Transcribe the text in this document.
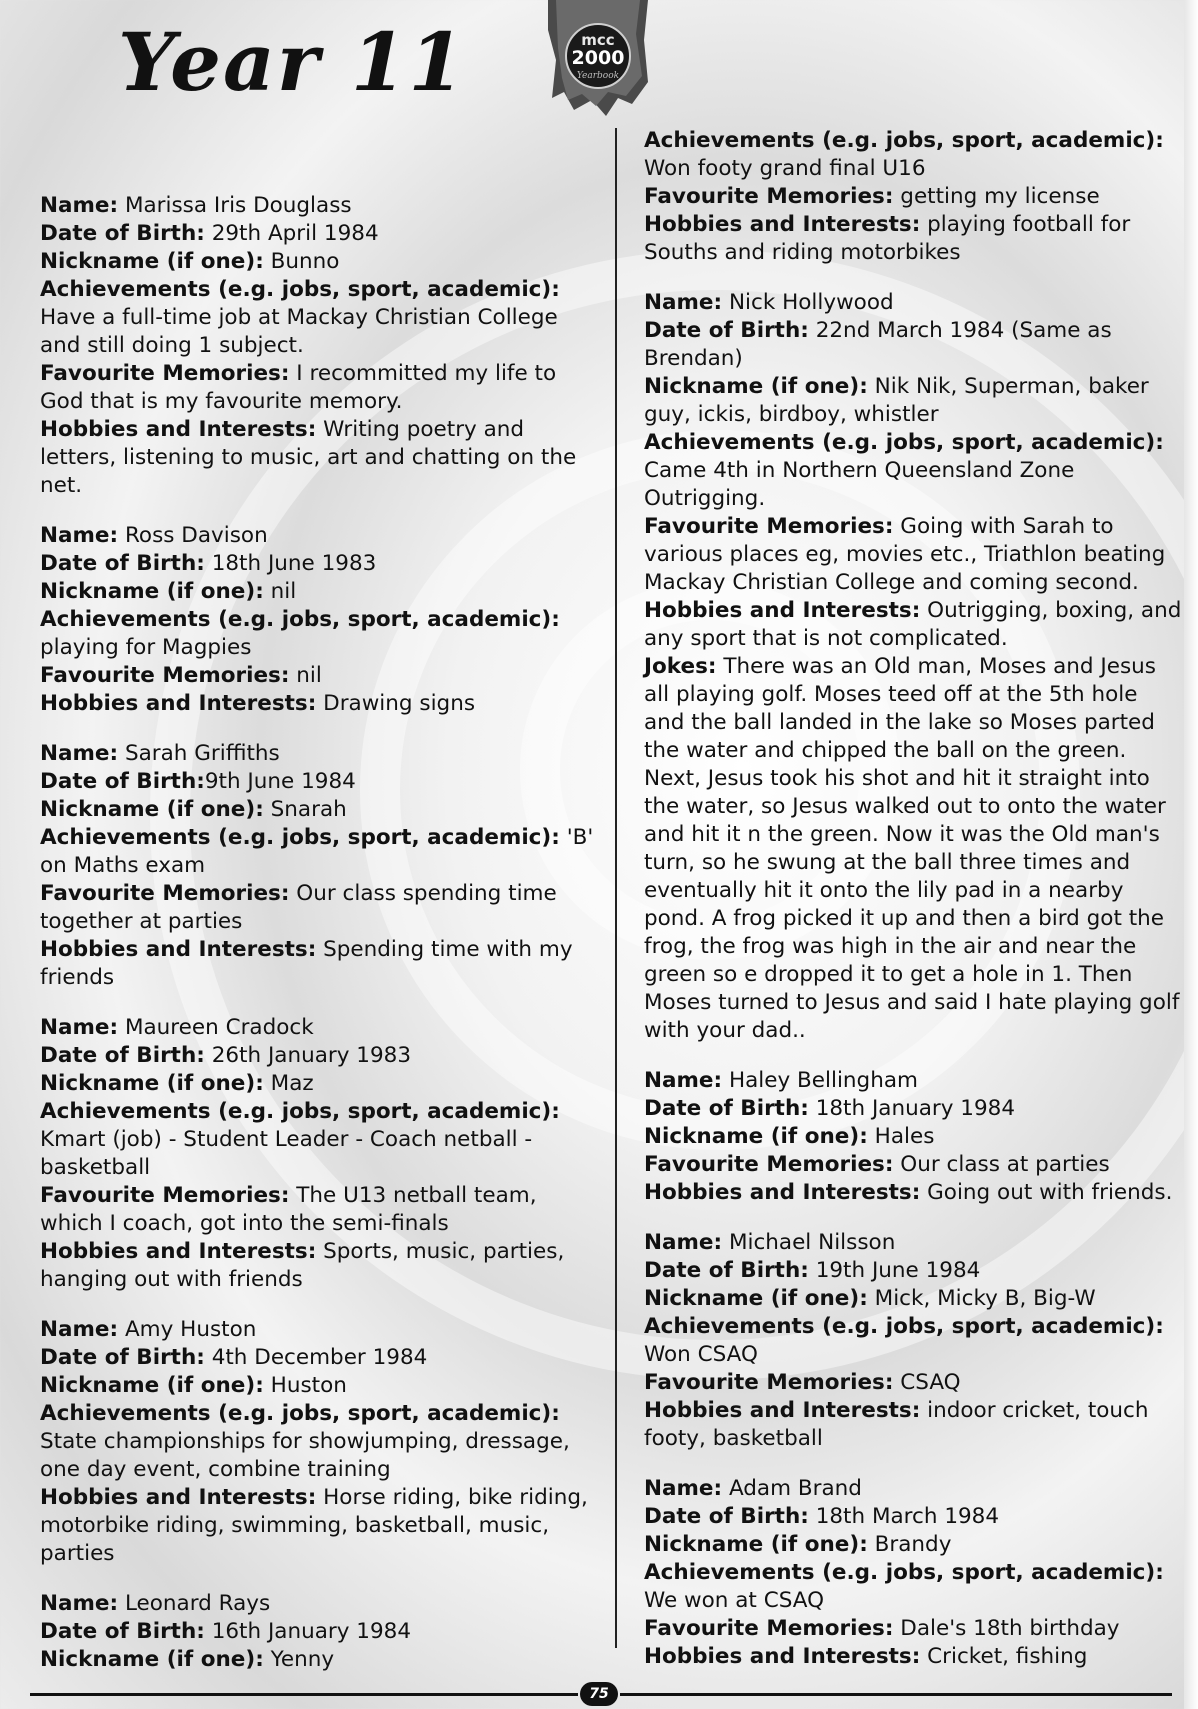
Year 11	mcc
2000
Yearbook

Name: Marissa Iris Douglass

Date of Birth: 29th April 1984

Nickname (if one): Bunno

Achievements (e.g. jobs, sport, academic): Have a full-time job at Mackay Christian College and still doing 1 subject.

Favourite Memories: I recommitted my life to God that is my favourite memory.

Hobbies and Interests: Writing poetry and letters, listening to music, art and chatting on the net.

Name: Ross Davison

Date of Birth: 18th June 1983

Nickname (if one): nil

Achievements (e.g. jobs, sport, academic): playing for Magpies

Favourite Memories: nil

Hobbies and Interests: Drawing signs

Name: Sarah Griffiths

Date of Birth:9th June 1984

Nickname (if one): Snarah

Achievements (e.g. jobs, sport, academic): 'B' on Maths exam

Favourite Memories: Our class spending time together at parties

Hobbies and Interests: Spending time with my friends

Name: Maureen Cradock

Date of Birth: 26th January 1983

Nickname (if one): Maz

Achievements (e.g. jobs, sport, academic): Kmart (job) - Student Leader - Coach netball - basketball

Favourite Memories: The U13 netball team, which I coach, got into the semi-finals

Hobbies and Interests: Sports, music, parties, hanging out with friends

Name: Amy Huston

Date of Birth: 4th December 1984

Nickname (if one): Huston

Achievements (e.g. jobs, sport, academic): State championships for showjumping, dressage, one day event, combine training

Hobbies and Interests: Horse riding, bike riding, motorbike riding, swimming, basketball, music, parties

Name: Leonard Rays

Date of Birth: 16th January 1984

Nickname (if one): Yenny

Achievements (e.g. jobs, sport, academic): Won footy grand final U16

Favourite Memories: getting my license

Hobbies and Interests: playing football for Souths and riding motorbikes

Name: Nick Hollywood

Date of Birth: 22nd March 1984 (Same as Brendan)

Nickname (if one): Nik Nik, Superman, baker guy, ickis, birdboy, whistler

Achievements (e.g. jobs, sport, academic): Came 4th in Northern Queensland Zone Outrigging.

Favourite Memories: Going with Sarah to various places eg, movies etc., Triathlon beating Mackay Christian College and coming second.

Hobbies and Interests: Outrigging, boxing, and any sport that is not complicated.

Jokes: There was an Old man, Moses and Jesus all playing golf. Moses teed off at the 5th hole and the ball landed in the lake so Moses parted the water and chipped the ball on the green. Next, Jesus took his shot and hit it straight into the water, so Jesus walked out to onto the water and hit it n the green. Now it was the Old man's turn, so he swung at the ball three times and eventually hit it onto the lily pad in a nearby pond. A frog picked it up and then a bird got the frog, the frog was high in the air and near the green so e dropped it to get a hole in 1. Then Moses turned to Jesus and said I hate playing golf with your dad..

Name: Haley Bellingham

Date of Birth: 18th January 1984

Nickname (if one): Hales

Favourite Memories: Our class at parties

Hobbies and Interests: Going out with friends.

Name: Michael Nilsson

Date of Birth: 19th June 1984

Nickname (if one): Mick, Micky B, Big-W

Achievements (e.g. jobs, sport, academic): Won CSAQ

Favourite Memories: CSAQ

Hobbies and Interests: indoor cricket, touch footy, basketball

Name: Adam Brand

Date of Birth: 18th March 1984

Nickname (if one): Brandy

Achievements (e.g. jobs, sport, academic): We won at CSAQ

Favourite Memories: Dale's 18th birthday

Hobbies and Interests: Cricket, fishing

75
